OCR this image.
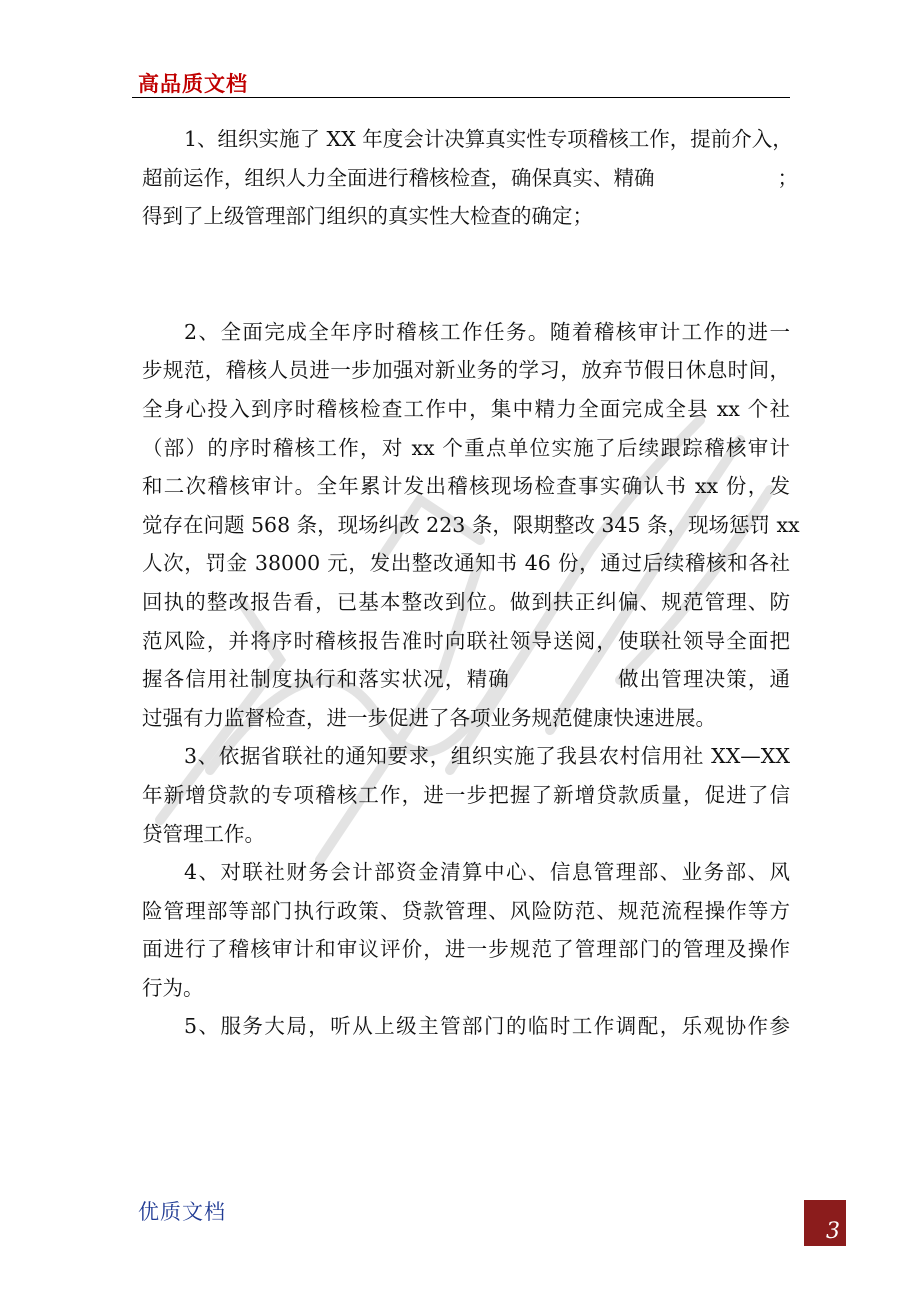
高品质文档
1、组织实施了 XX 年度会计决算真实性专项稽核工作，提前介入，
超前运作，组织人力全面进行稽核检查，确保真实、精确　　　　　　；
得到了上级管理部门组织的真实性大检查的确定；
2、全面完成全年序时稽核工作任务。随着稽核审计工作的进一
步规范，稽核人员进一步加强对新业务的学习，放弃节假日休息时间，
全身心投入到序时稽核检查工作中，集中精力全面完成全县 xx 个社
（部）的序时稽核工作，对 xx 个重点单位实施了后续跟踪稽核审计
和二次稽核审计。全年累计发出稽核现场检查事实确认书 xx 份，发
觉存在问题 568 条，现场纠改 223 条，限期整改 345 条，现场惩罚 xx
人次，罚金 38000 元，发出整改通知书 46 份，通过后续稽核和各社
回执的整改报告看，已基本整改到位。做到扶正纠偏、规范管理、防
范风险，并将序时稽核报告准时向联社领导送阅，使联社领导全面把
握各信用社制度执行和落实状况，精确　　　　　做出管理决策，通
过强有力监督检查，进一步促进了各项业务规范健康快速进展。
3、依据省联社的通知要求，组织实施了我县农村信用社 XX—XX
年新增贷款的专项稽核工作，进一步把握了新增贷款质量，促进了信
贷管理工作。
4、对联社财务会计部资金清算中心、信息管理部、业务部、风
险管理部等部门执行政策、贷款管理、风险防范、规范流程操作等方
面进行了稽核审计和审议评价，进一步规范了管理部门的管理及操作
行为。
5、服务大局，听从上级主管部门的临时工作调配，乐观协作参
优质文档
3
